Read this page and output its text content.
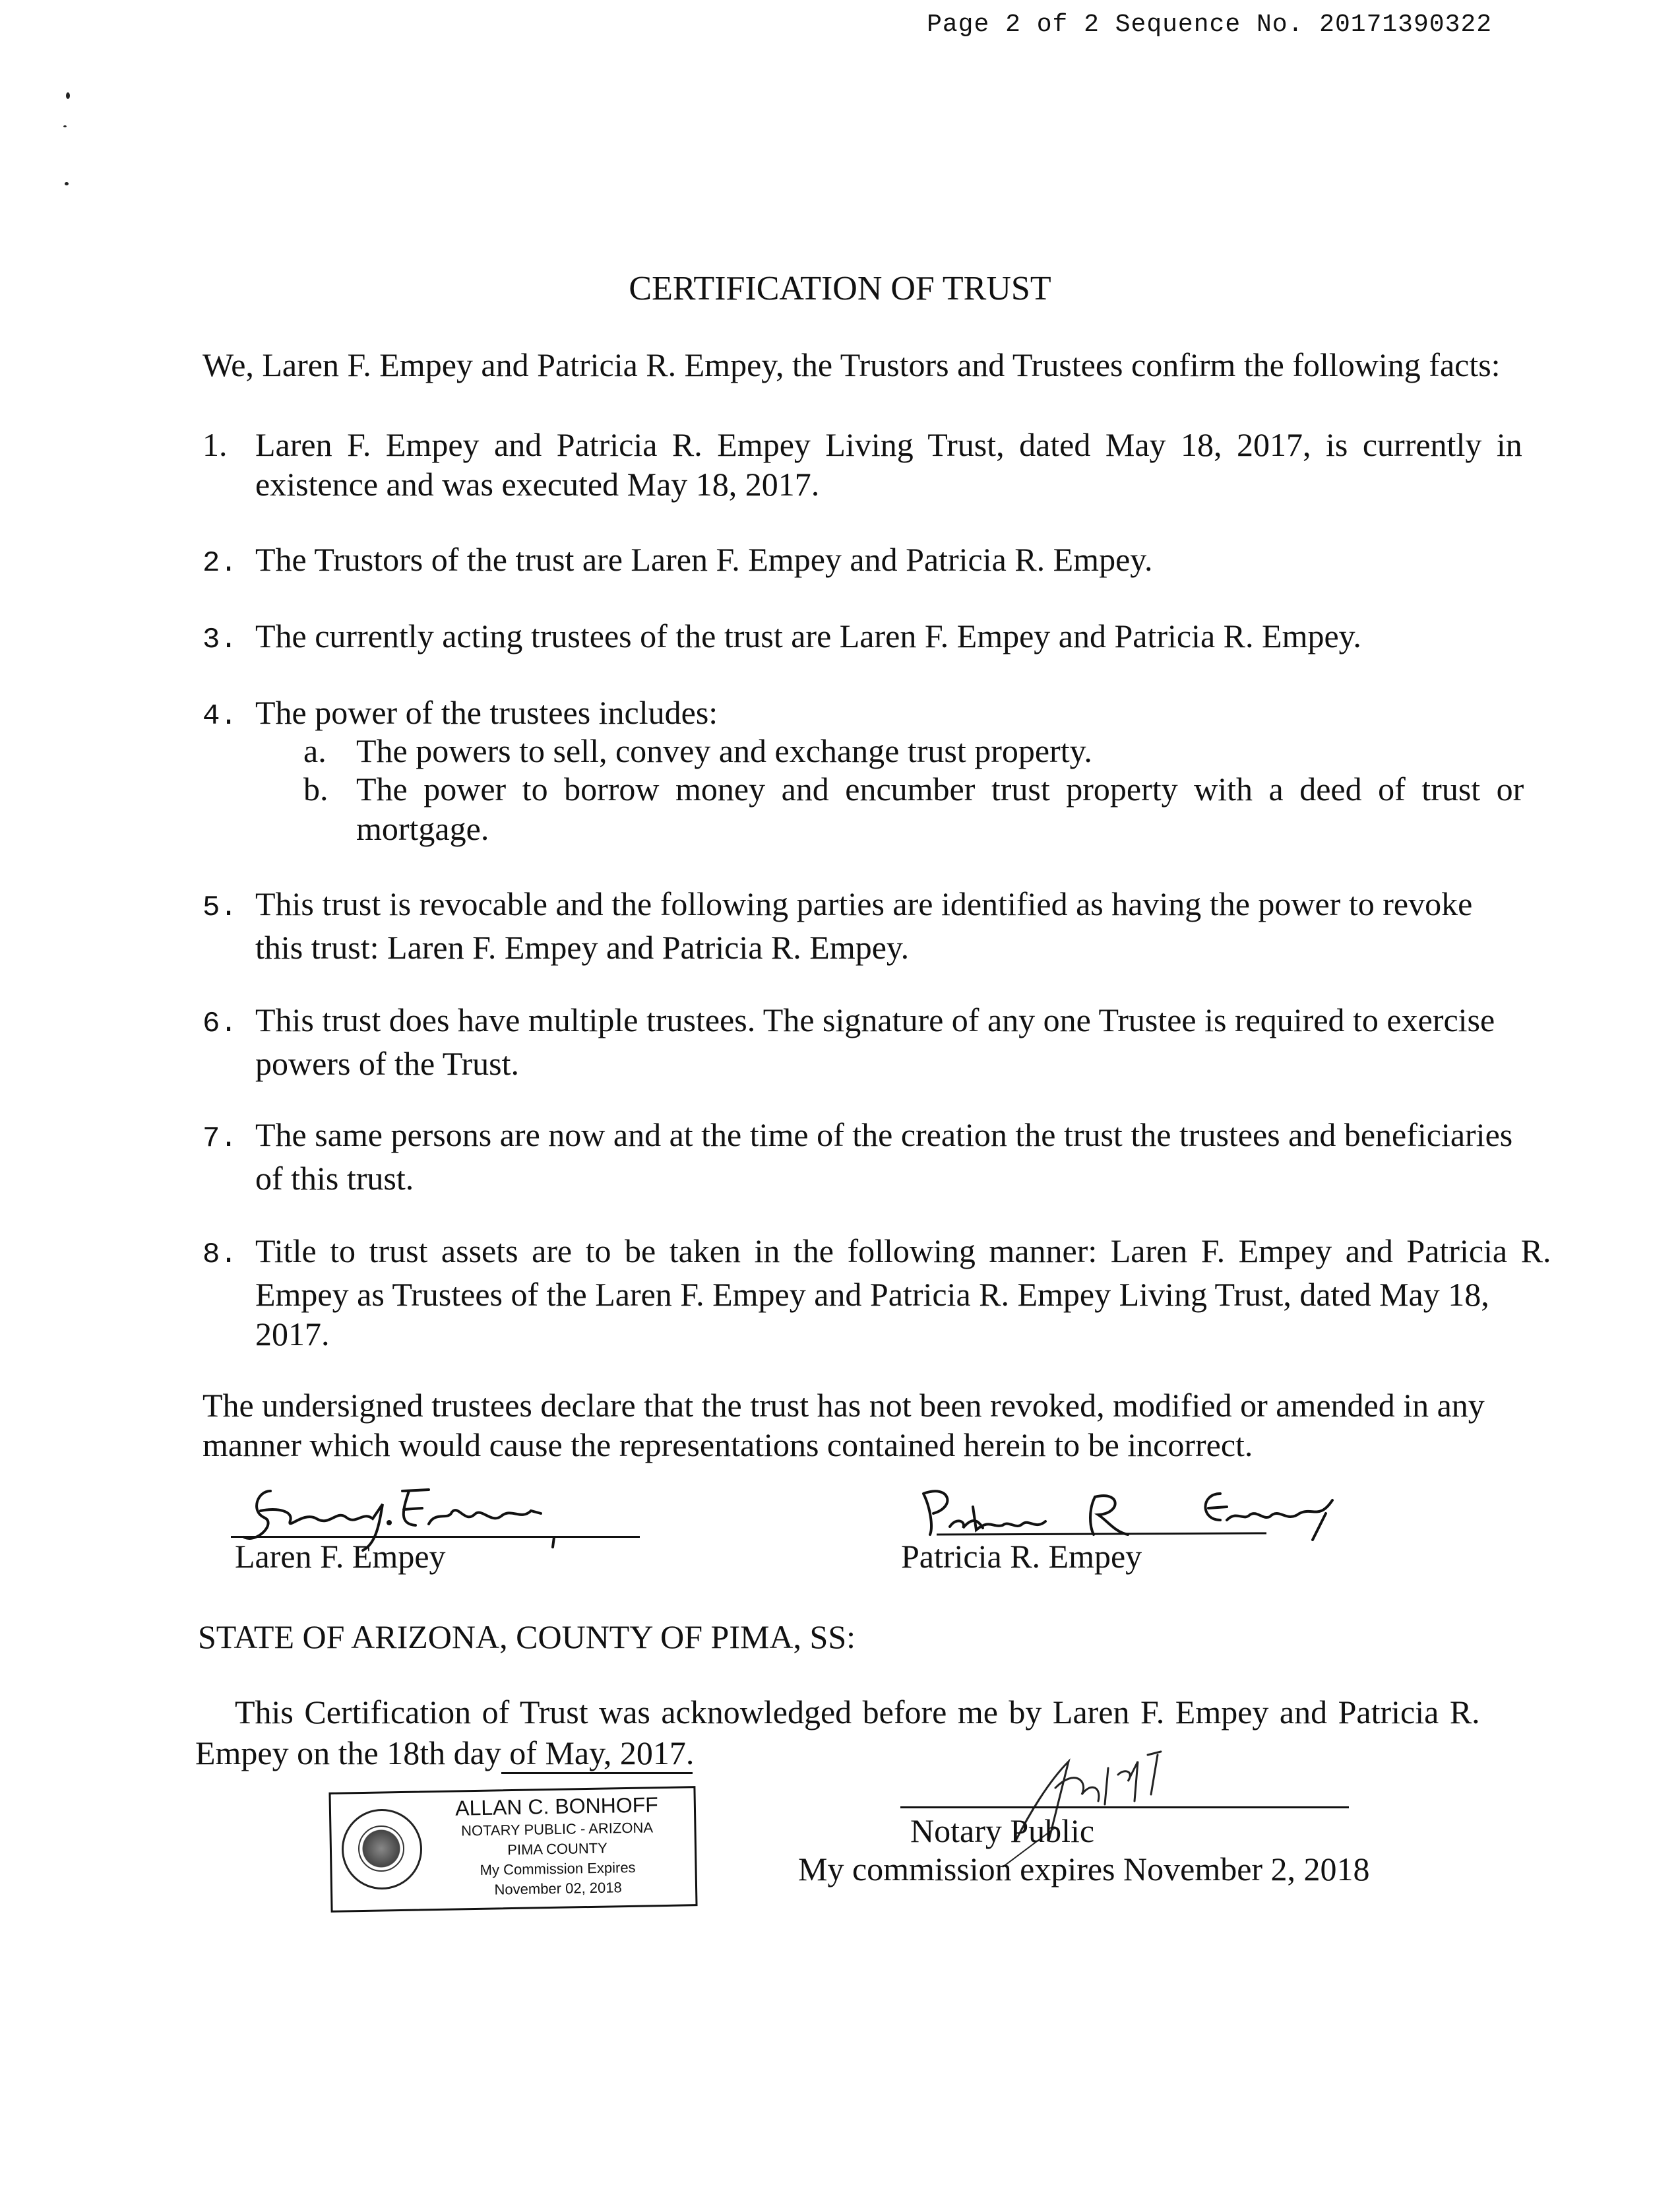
Page 2 of 2 Sequence No. 20171390322
CERTIFICATION OF TRUST
We, Laren F. Empey and Patricia R. Empey, the Trustors and Trustees confirm the following facts:
1. Laren F. Empey and Patricia R. Empey Living Trust, dated May 18, 2017, is currently in
existence and was executed May 18, 2017.
2. The Trustors of the trust are Laren F. Empey and Patricia R. Empey.
3. The currently acting trustees of the trust are Laren F. Empey and Patricia R. Empey.
4. The power of the trustees includes:
a. The powers to sell, convey and exchange trust property.
b. The power to borrow money and encumber trust property with a deed of trust or
mortgage.
5. This trust is revocable and the following parties are identified as having the power to revoke
this trust: Laren F. Empey and Patricia R. Empey.
6. This trust does have multiple trustees. The signature of any one Trustee is required to exercise
powers of the Trust.
7. The same persons are now and at the time of the creation the trust the trustees and beneficiaries
of this trust.
8. Title to trust assets are to be taken in the following manner: Laren F. Empey and Patricia R.
Empey as Trustees of the Laren F. Empey and Patricia R. Empey Living Trust, dated May 18,
2017.
The undersigned trustees declare that the trust has not been revoked, modified or amended in any
manner which would cause the representations contained herein to be incorrect.
Laren F. Empey	Patricia R. Empey
STATE OF ARIZONA, COUNTY OF PIMA, SS:
This Certification of Trust was acknowledged before me by Laren F. Empey and Patricia R.
Empey on the 18th day of May, 2017.
ALLAN C. BONHOFF
NOTARY PUBLIC - ARIZONA
PIMA COUNTY
My Commission Expires
November 02, 2018
Notary Public
My commission expires November 2, 2018
